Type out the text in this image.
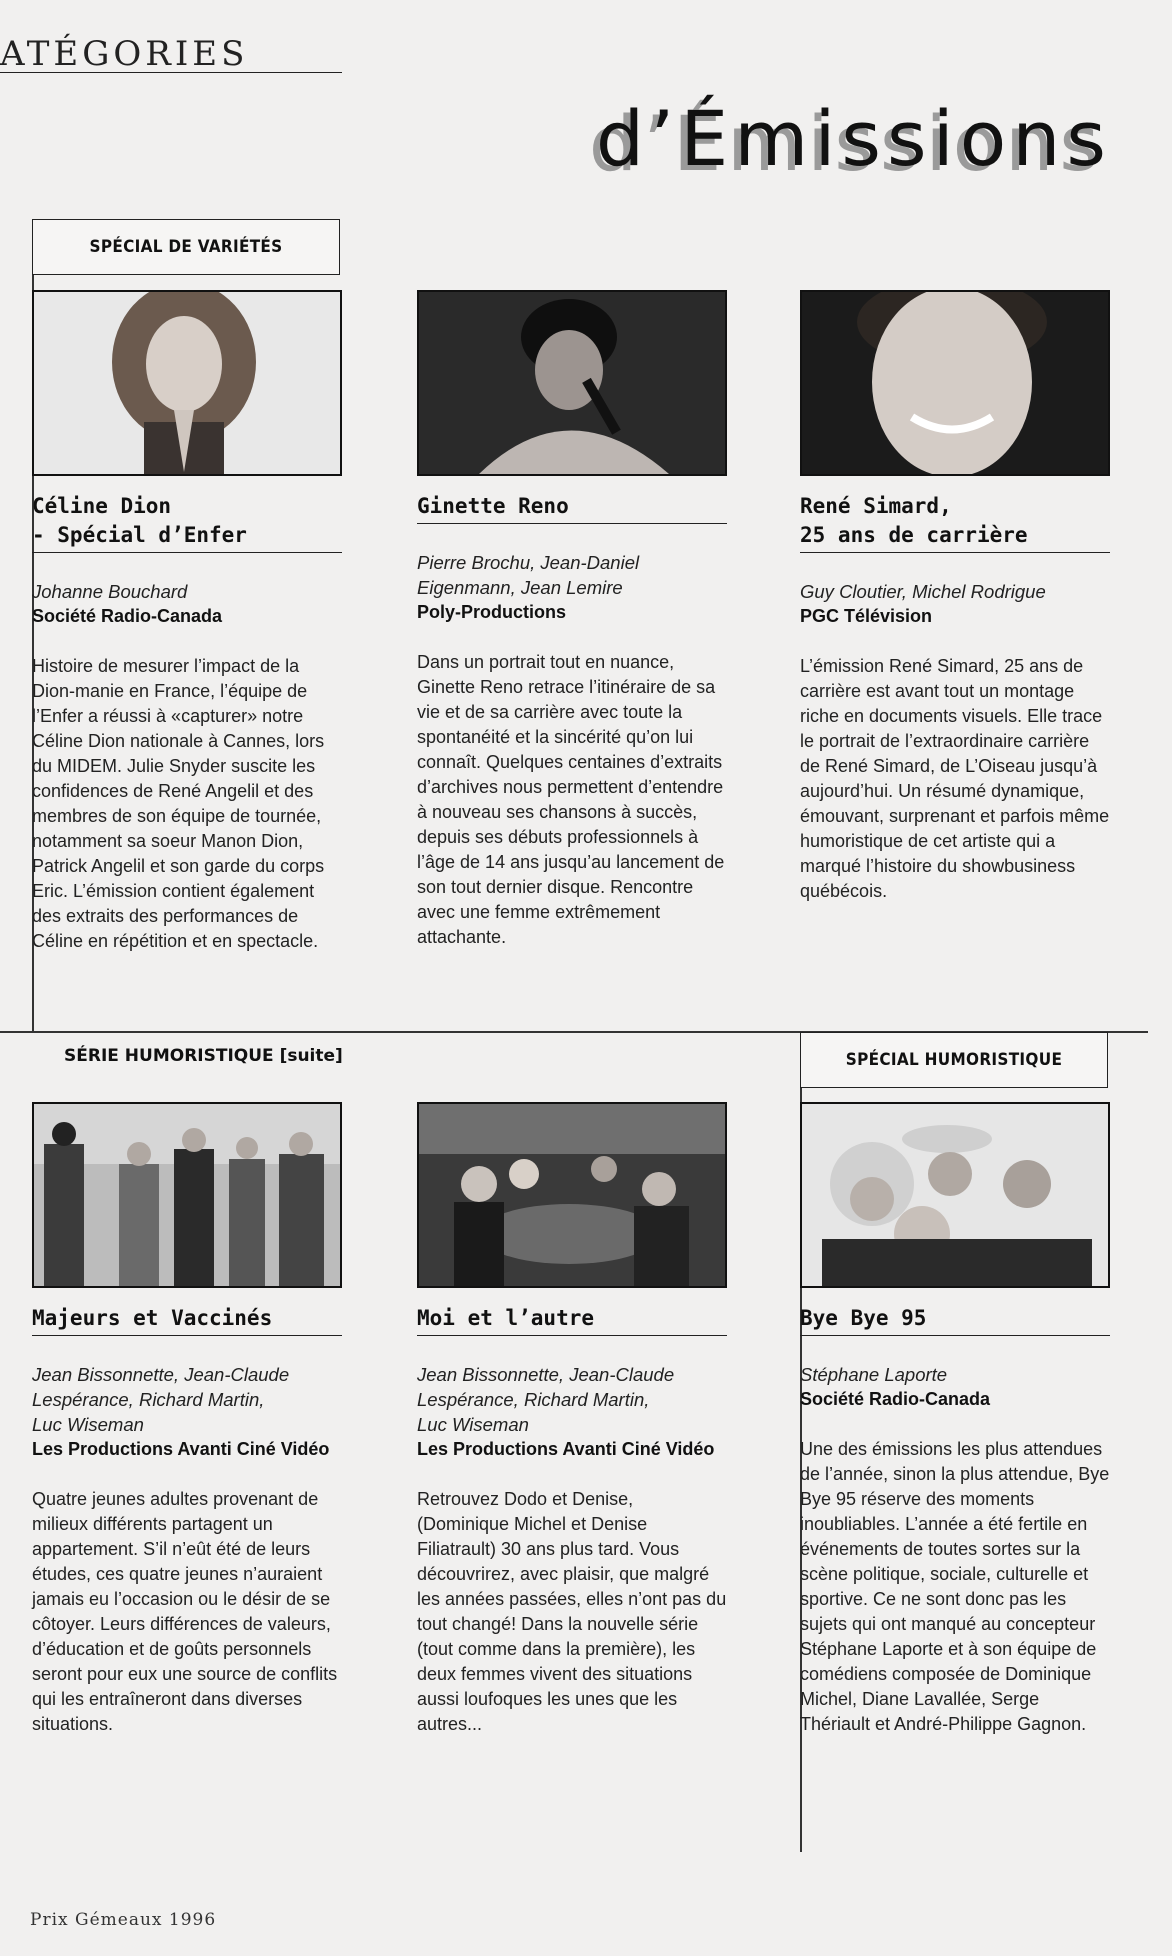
ATÉGORIES
d’Émissions
SPÉCIAL DE VARIÉTÉS
SÉRIE HUMORISTIQUE [suite]	SPÉCIAL HUMORISTIQUE
Céline Dion
- Spécial d’Enfer
Johanne Bouchard
Société Radio-Canada
Histoire de mesurer l’impact de la Dion-manie en France, l’équipe de l’Enfer a réussi à «capturer» notre Céline Dion nationale à Cannes, lors du MIDEM. Julie Snyder suscite les confidences de René Angelil et des membres de son équipe de tournée, notamment sa soeur Manon Dion, Patrick Angelil et son garde du corps Eric. L’émission contient également des extraits des performances de Céline en répétition et en spectacle.
Ginette Reno
Pierre Brochu, Jean-Daniel
Eigenmann, Jean Lemire
Poly-Productions
Dans un portrait tout en nuance, Ginette Reno retrace l’itinéraire de sa vie et de sa carrière avec toute la spontanéité et la sincérité qu’on lui connaît. Quelques centaines d’extraits d’archives nous permettent d’entendre à nouveau ses chansons à succès, depuis ses débuts professionnels à l’âge de 14 ans jusqu’au lancement de son tout dernier disque. Rencontre avec une femme extrêmement attachante.
René Simard,
25 ans de carrière
Guy Cloutier, Michel Rodrigue
PGC Télévision
L’émission René Simard, 25 ans de carrière est avant tout un montage riche en documents visuels. Elle trace le portrait de l’extraordinaire carrière de René Simard, de L’Oiseau jusqu’à aujourd’hui. Un résumé dynamique, émouvant, surprenant et parfois même humoristique de cet artiste qui a marqué l’histoire du showbusiness québécois.
Majeurs et Vaccinés
Jean Bissonnette, Jean-Claude
Lespérance, Richard Martin,
Luc Wiseman
Les Productions Avanti Ciné Vidéo
Quatre jeunes adultes provenant de milieux différents partagent un appartement. S’il n’eût été de leurs études, ces quatre jeunes n’auraient jamais eu l’occasion ou le désir de se côtoyer. Leurs différences de valeurs, d’éducation et de goûts personnels seront pour eux une source de conflits qui les entraîneront dans diverses situations.
Moi et l’autre
Jean Bissonnette, Jean-Claude
Lespérance, Richard Martin,
Luc Wiseman
Les Productions Avanti Ciné Vidéo
Retrouvez Dodo et Denise, (Dominique Michel et Denise Filiatrault) 30 ans plus tard. Vous découvrirez, avec plaisir, que malgré les années passées, elles n’ont pas du tout changé! Dans la nouvelle série (tout comme dans la première), les deux femmes vivent des situations aussi loufoques les unes que les autres...
Bye Bye 95
Stéphane Laporte
Société Radio-Canada
Une des émissions les plus attendues de l’année, sinon la plus attendue, Bye Bye 95 réserve des moments inoubliables. L’année a été fertile en événements de toutes sortes sur la scène politique, sociale, culturelle et sportive. Ce ne sont donc pas les sujets qui ont manqué au concepteur Stéphane Laporte et à son équipe de comédiens composée de Dominique Michel, Diane Lavallée, Serge Thériault et André-Philippe Gagnon.
Prix Gémeaux 1996
